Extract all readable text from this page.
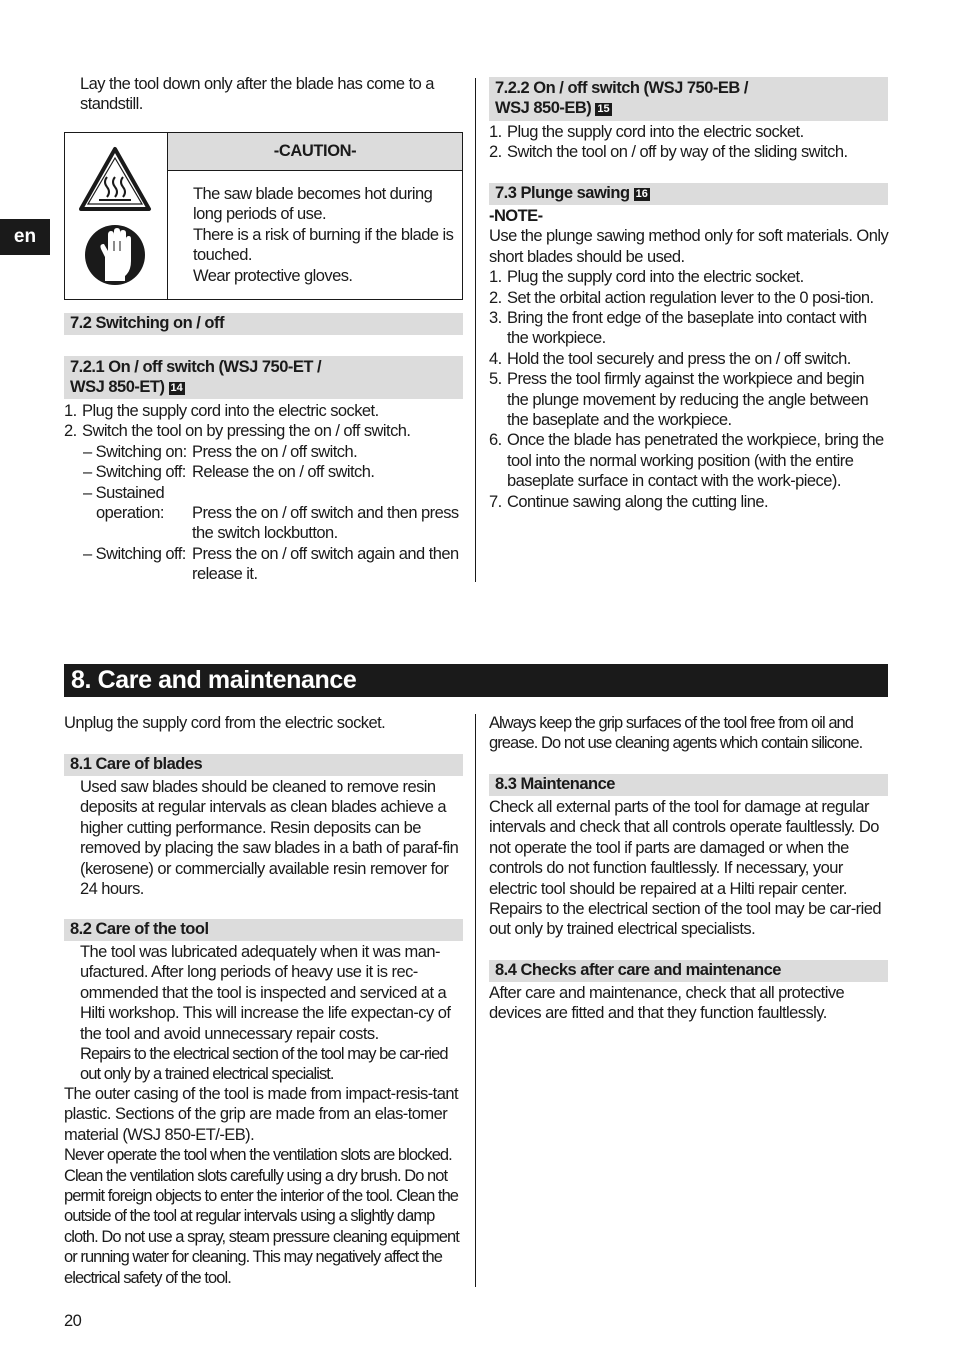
en

Lay the tool down only after the blade has come to a standstill.

-CAUTION-

The saw blade becomes hot during long periods of use.

There is a risk of burning if the blade is touched.

Wear protective gloves.

7.2 Switching on / off
7.2.1 On / off switch (WSJ 750-ET /
WSJ 850-ET) 14
1. Plug the supply cord into the electric socket.
2. Switch the tool on by pressing the on / off switch.
– Switching on: Press the on / off switch.
– Switching off: Release the on / off switch.
– Sustained
operation:	Press the on / off switch and then press the switch lockbutton.
– Switching off: Press the on / off switch again and then release it.
7.2.2 On / off switch (WSJ 750-EB /
WSJ 850-EB) 15
1. Plug the supply cord into the electric socket.
2. Switch the tool on / off by way of the sliding switch.
7.3 Plunge sawing 16
-NOTE-

Use the plunge sawing method only for soft materials. Only short blades should be used.

1. Plug the supply cord into the electric socket.
2. Set the orbital action regulation lever to the 0 posi-tion.
3. Bring the front edge of the baseplate into contact with the workpiece.
4. Hold the tool securely and press the on / off switch.
5. Press the tool firmly against the workpiece and begin the plunge movement by reducing the angle between the baseplate and the workpiece.
6. Once the blade has penetrated the workpiece, bring the tool into the normal working position (with the entire baseplate surface in contact with the work-piece).
7. Continue sawing along the cutting line.
8. Care and maintenance

Unplug the supply cord from the electric socket.

8.1 Care of blades

Used saw blades should be cleaned to remove resin deposits at regular intervals as clean blades achieve a higher cutting performance. Resin deposits can be removed by placing the saw blades in a bath of paraf-fin (kerosene) or commercially available resin remover for 24 hours.

8.2 Care of the tool

The tool was lubricated adequately when it was man-ufactured. After long periods of heavy use it is rec-ommended that the tool is inspected and serviced at a Hilti workshop. This will increase the life expectan-cy of the tool and avoid unnecessary repair costs.

Repairs to the electrical section of the tool may be car-ried out only by a trained electrical specialist.

The outer casing of the tool is made from impact-resis-tant plastic. Sections of the grip are made from an elas-tomer material (WSJ 850-ET/-EB).

Never operate the tool when the ventilation slots are blocked. Clean the ventilation slots carefully using a dry brush. Do not permit foreign objects to enter the interior of the tool. Clean the outside of the tool at regular intervals using a slightly damp cloth. Do not use a spray, steam pressure cleaning equipment or running water for cleaning. This may negatively affect the electrical safety of the tool.

Always keep the grip surfaces of the tool free from oil and grease. Do not use cleaning agents which contain silicone.

8.3 Maintenance

Check all external parts of the tool for damage at regular intervals and check that all controls operate faultlessly. Do not operate the tool if parts are damaged or when the controls do not function faultlessly. If necessary, your electric tool should be repaired at a Hilti repair center. Repairs to the electrical section of the tool may be car-ried out only by trained electrical specialists.

8.4 Checks after care and maintenance

After care and maintenance, check that all protective devices are fitted and that they function faultlessly.

20
